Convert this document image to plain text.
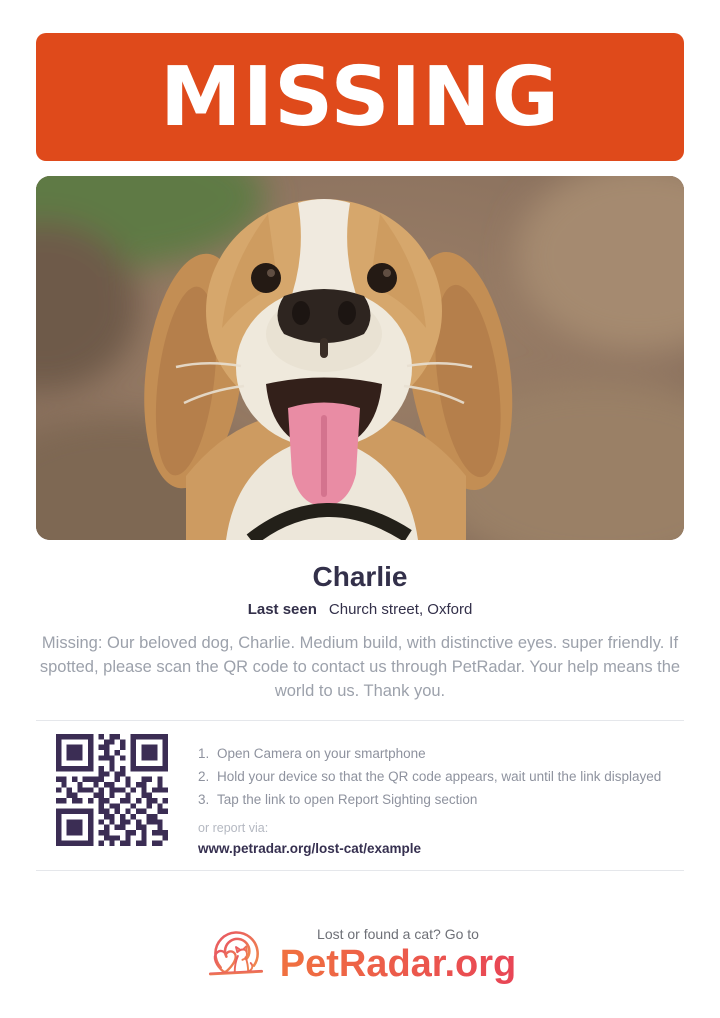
MISSING
Charlie
Last seen Church street, Oxford

Missing: Our beloved dog, Charlie. Medium build, with distinctive eyes. super friendly. If spotted, please scan the QR code to contact us through PetRadar. Your help means the world to us. Thank you.

1. Open Camera on your smartphone
2. Hold your device so that the QR code appears, wait until the link displayed
3. Tap the link to open Report Sighting section
or report via:
www.petradar.org/lost-cat/example
Lost or found a cat? Go to
PetRadar.org
